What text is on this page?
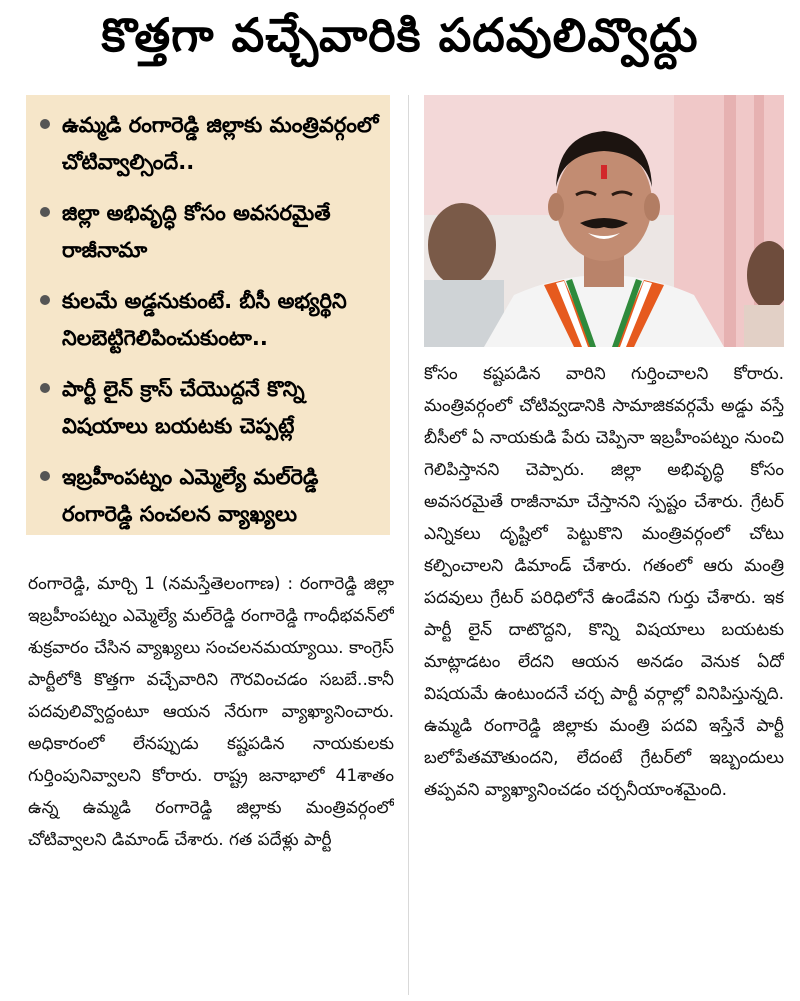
కొత్తగా వచ్చేవారికి పదవులివ్వొద్దు
ఉమ్మడి రంగారెడ్డి జిల్లాకు మంత్రివర్గంలో చోటివ్వాల్సిందే..
జిల్లా అభివృద్ధి కోసం అవసరమైతే రాజీనామా
కులమే అడ్డనుకుంటే. బీసీ అభ్యర్థిని నిలబెట్టిగెలిపించుకుంటా..
పార్టీ లైన్ క్రాస్ చేయొద్దనే కొన్ని విషయాలు బయటకు చెప్పట్లే
ఇబ్రహీంపట్నం ఎమ్మెల్యే మల్‌రెడ్డి రంగారెడ్డి సంచలన వ్యాఖ్యలు
రంగారెడ్డి, మార్చి 1 (నమస్తేతెలంగాణ) : రంగారెడ్డి జిల్లా ఇబ్రహీంపట్నం ఎమ్మెల్యే మల్‌రెడ్డి రంగారెడ్డి గాంధీభవన్‌లో శుక్రవారం చేసిన వ్యాఖ్యలు సంచలనమయ్యాయి. కాంగ్రెస్ పార్టీలోకి కొత్తగా వచ్చేవారిని గౌరవించడం సబబే..కానీ పదవులివ్వొద్దంటూ ఆయన నేరుగా వ్యాఖ్యానించారు. అధికారంలో లేనప్పుడు కష్టపడిన నాయకులకు గుర్తింపునివ్వాలని కోరారు. రాష్ట్ర జనాభాలో 41శాతం ఉన్న ఉమ్మడి రంగారెడ్డి జిల్లాకు మంత్రివర్గంలో చోటివ్వాలని డిమాండ్ చేశారు. గత పదేళ్లు పార్టీ
కోసం కష్టపడిన వారిని గుర్తించాలని కోరారు. మంత్రివర్గంలో చోటివ్వడానికి సామాజికవర్గమే అడ్డు వస్తే బీసీలో ఏ నాయకుడి పేరు చెప్పినా ఇబ్రహీంపట్నం నుంచి గెలిపిస్తానని చెప్పారు. జిల్లా అభివృద్ధి కోసం అవసరమైతే రాజీనామా చేస్తానని స్పష్టం చేశారు. గ్రేటర్ ఎన్నికలు దృష్టిలో పెట్టుకొని మంత్రివర్గంలో చోటు కల్పించాలని డిమాండ్ చేశారు. గతంలో ఆరు మంత్రి పదవులు గ్రేటర్ పరిధిలోనే ఉండేవని గుర్తు చేశారు. ఇక పార్టీ లైన్ దాటొద్దని, కొన్ని విషయాలు బయటకు మాట్లాడటం లేదని ఆయన అనడం వెనుక ఏదో విషయమే ఉంటుందనే చర్చ పార్టీ వర్గాల్లో వినిపిస్తున్నది. ఉమ్మడి రంగారెడ్డి జిల్లాకు మంత్రి పదవి ఇస్తేనే పార్టీ బలోపేతమౌతుందని, లేదంటే గ్రేటర్‌లో ఇబ్బందులు తప్పవని వ్యాఖ్యానించడం చర్చనీయాంశమైంది.
